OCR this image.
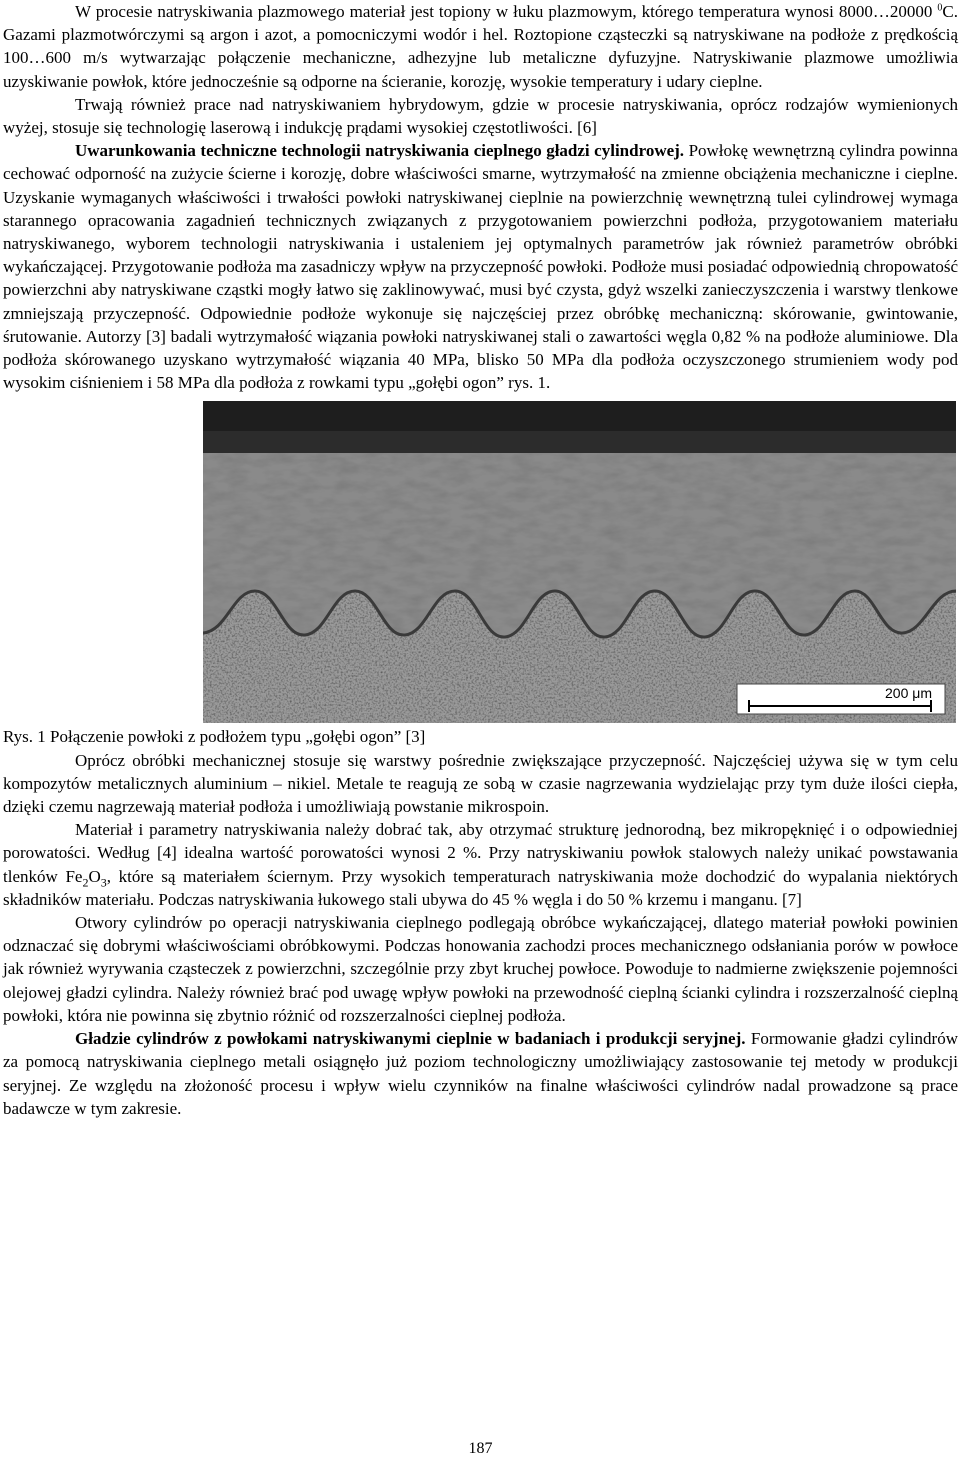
W procesie natryskiwania plazmowego materiał jest topiony w łuku plazmowym, którego temperatura wynosi 8000…20000 $^0$C. Gazami plazmotwórczymi są argon i azot, a pomocniczymi wodór i hel. Roztopione cząsteczki są natryskiwane na podłoże z prędkością 100…600 m/s wytwarzając połączenie mechaniczne, adhezyjne lub metaliczne dyfuzyjne. Natryskiwanie plazmowe umożliwia uzyskiwanie powłok, które jednocześnie są odporne na ścieranie, korozję, wysokie temperatury i udary cieplne.

Trwają również prace nad natryskiwaniem hybrydowym, gdzie w procesie natryskiwania, oprócz rodzajów wymienionych wyżej, stosuje się technologię laserową i indukcję prądami wysokiej częstotliwości. [6]

Uwarunkowania techniczne technologii natryskiwania cieplnego gładzi cylindrowej. Powłokę wewnętrzną cylindra powinna cechować odporność na zużycie ścierne i korozję, dobre właściwości smarne, wytrzymałość na zmienne obciążenia mechaniczne i cieplne. Uzyskanie wymaganych właściwości i trwałości powłoki natryskiwanej cieplnie na powierzchnię wewnętrzną tulei cylindrowej wymaga starannego opracowania zagadnień technicznych związanych z przygotowaniem powierzchni podłoża, przygotowaniem materiału natryskiwanego, wyborem technologii natryskiwania i ustaleniem jej optymalnych parametrów jak również parametrów obróbki wykańczającej. Przygotowanie podłoża ma zasadniczy wpływ na przyczepność powłoki. Podłoże musi posiadać odpowiednią chropowatość powierzchni aby natryskiwane cząstki mogły łatwo się zaklinowywać, musi być czysta, gdyż wszelki zanieczyszczenia i warstwy tlenkowe zmniejszają przyczepność. Odpowiednie podłoże wykonuje się najczęściej przez obróbkę mechaniczną: skórowanie, gwintowanie, śrutowanie. Autorzy [3] badali wytrzymałość wiązania powłoki natryskiwanej stali o zawartości węgla 0,82 % na podłoże aluminiowe. Dla podłoża skórowanego uzyskano wytrzymałość wiązania 40 MPa, blisko 50 MPa dla podłoża oczyszczonego strumieniem wody pod wysokim ciśnieniem i 58 MPa dla podłoża z rowkami typu „gołębi ogon” rys. 1.

200 μm

Rys. 1 Połączenie powłoki z podłożem typu „gołębi ogon” [3]

Oprócz obróbki mechanicznej stosuje się warstwy pośrednie zwiększające przyczepność. Najczęściej używa się w tym celu kompozytów metalicznych aluminium – nikiel. Metale te reagują ze sobą w czasie nagrzewania wydzielając przy tym duże ilości ciepła, dzięki czemu nagrzewają materiał podłoża i umożliwiają powstanie mikrospoin.

Materiał i parametry natryskiwania należy dobrać tak, aby otrzymać strukturę jednorodną, bez mikropęknięć i o odpowiedniej porowatości. Według [4] idealna wartość porowatości wynosi 2 %. Przy natryskiwaniu powłok stalowych należy unikać powstawania tlenków $Fe_2O_3$, które są materiałem ściernym. Przy wysokich temperaturach natryskiwania może dochodzić do wypalania niektórych składników materiału. Podczas natryskiwania łukowego stali ubywa do 45 % węgla i do 50 % krzemu i manganu. [7]

Otwory cylindrów po operacji natryskiwania cieplnego podlegają obróbce wykańczającej, dlatego materiał powłoki powinien odznaczać się dobrymi właściwościami obróbkowymi. Podczas honowania zachodzi proces mechanicznego odsłaniania porów w powłoce jak również wyrywania cząsteczek z powierzchni, szczególnie przy zbyt kruchej powłoce. Powoduje to nadmierne zwiększenie pojemności olejowej gładzi cylindra. Należy również brać pod uwagę wpływ powłoki na przewodność cieplną ścianki cylindra i rozszerzalność cieplną powłoki, która nie powinna się zbytnio różnić od rozszerzalności cieplnej podłoża.

Gładzie cylindrów z powłokami natryskiwanymi cieplnie w badaniach i produkcji seryjnej. Formowanie gładzi cylindrów za pomocą natryskiwania cieplnego metali osiągnęło już poziom technologiczny umożliwiający zastosowanie tej metody w produkcji seryjnej. Ze względu na złożoność procesu i wpływ wielu czynników na finalne właściwości cylindrów nadal prowadzone są prace badawcze w tym zakresie.

187
